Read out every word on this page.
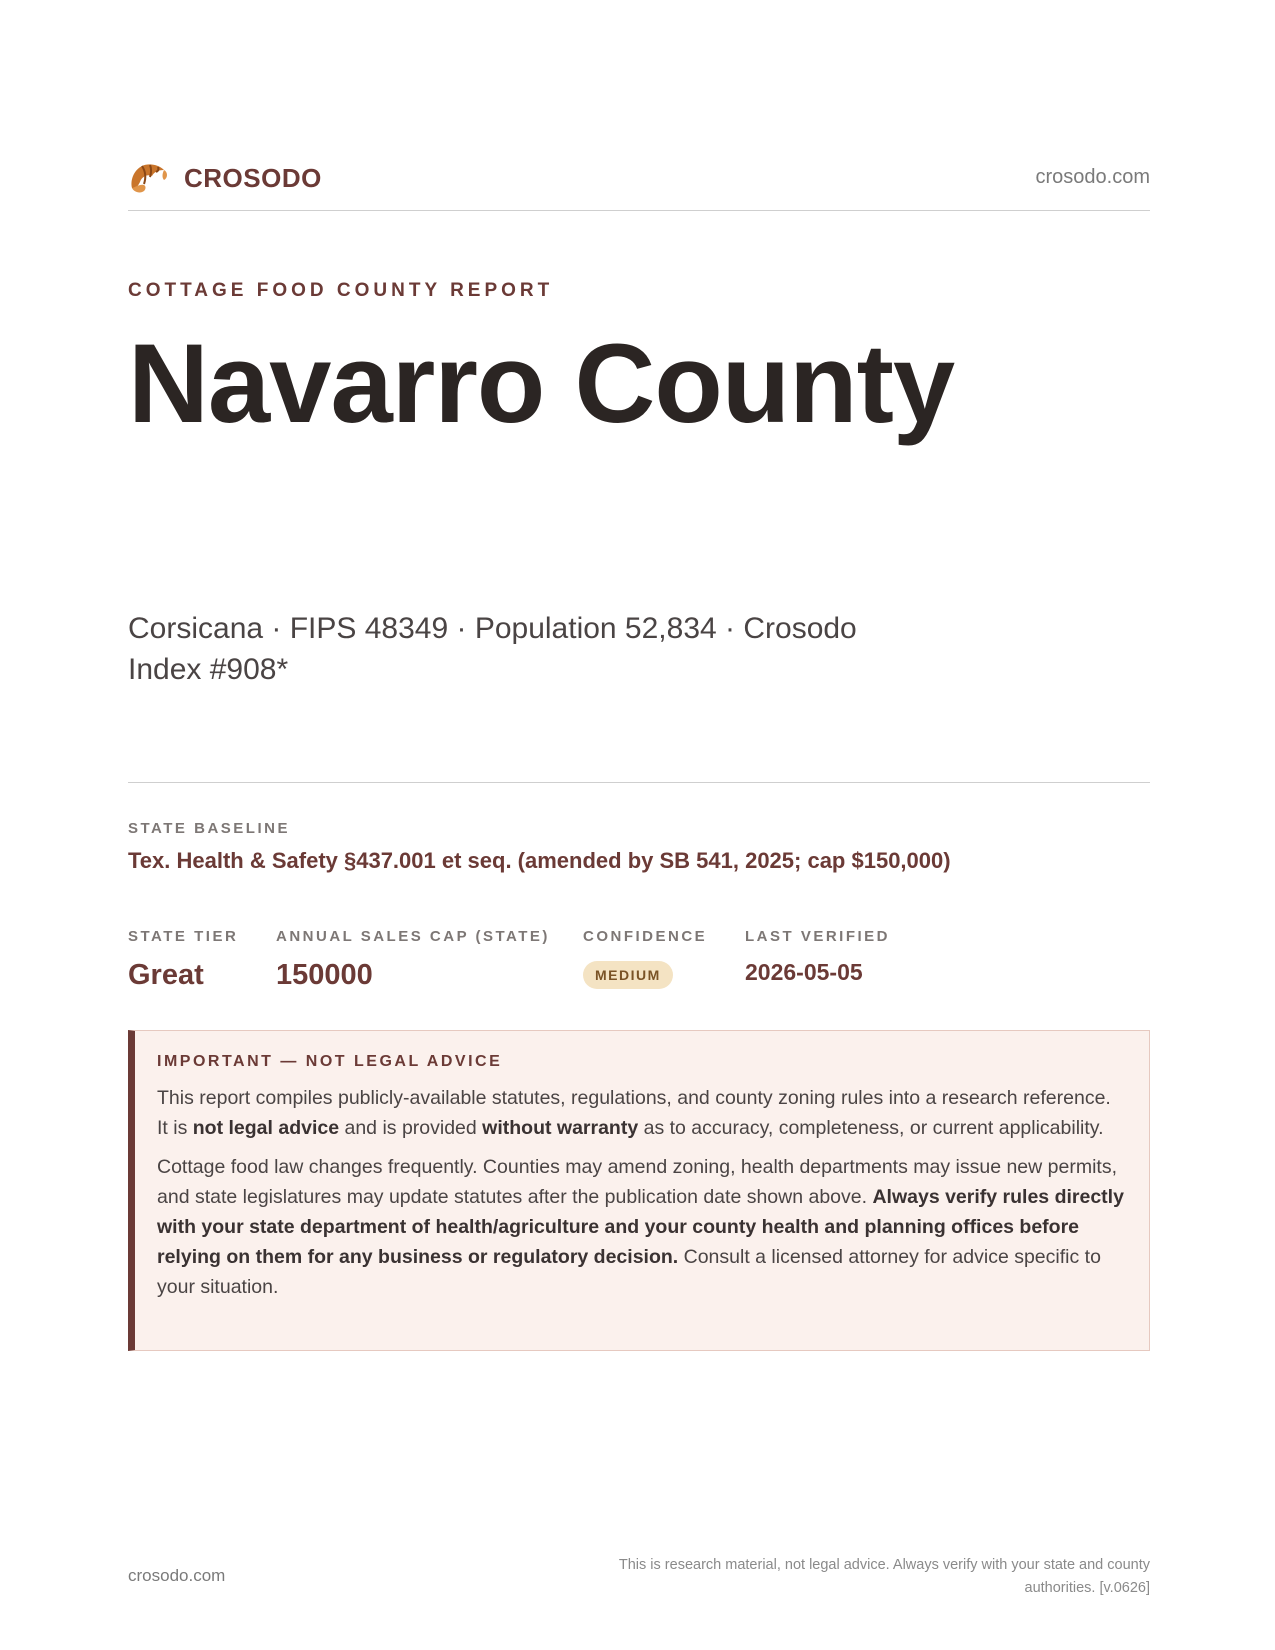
CROSODO	crosodo.com
COTTAGE FOOD COUNTY REPORT
Navarro County
Corsicana · FIPS 48349 · Population 52,834 · Crosodo Index #908*
STATE BASELINE
Tex. Health & Safety §437.001 et seq. (amended by SB 541, 2025; cap $150,000)
STATE TIER
Great
ANNUAL SALES CAP (STATE)
150000
CONFIDENCE
MEDIUM
LAST VERIFIED
2026-05-05
IMPORTANT — NOT LEGAL ADVICE

This report compiles publicly-available statutes, regulations, and county zoning rules into a research reference. It is not legal advice and is provided without warranty as to accuracy, completeness, or current applicability.

Cottage food law changes frequently. Counties may amend zoning, health departments may issue new permits, and state legislatures may update statutes after the publication date shown above. Always verify rules directly with your state department of health/agriculture and your county health and planning offices before relying on them for any business or regulatory decision. Consult a licensed attorney for advice specific to your situation.

crosodo.com
This is research material, not legal advice. Always verify with your state and county authorities. [v.0626]
